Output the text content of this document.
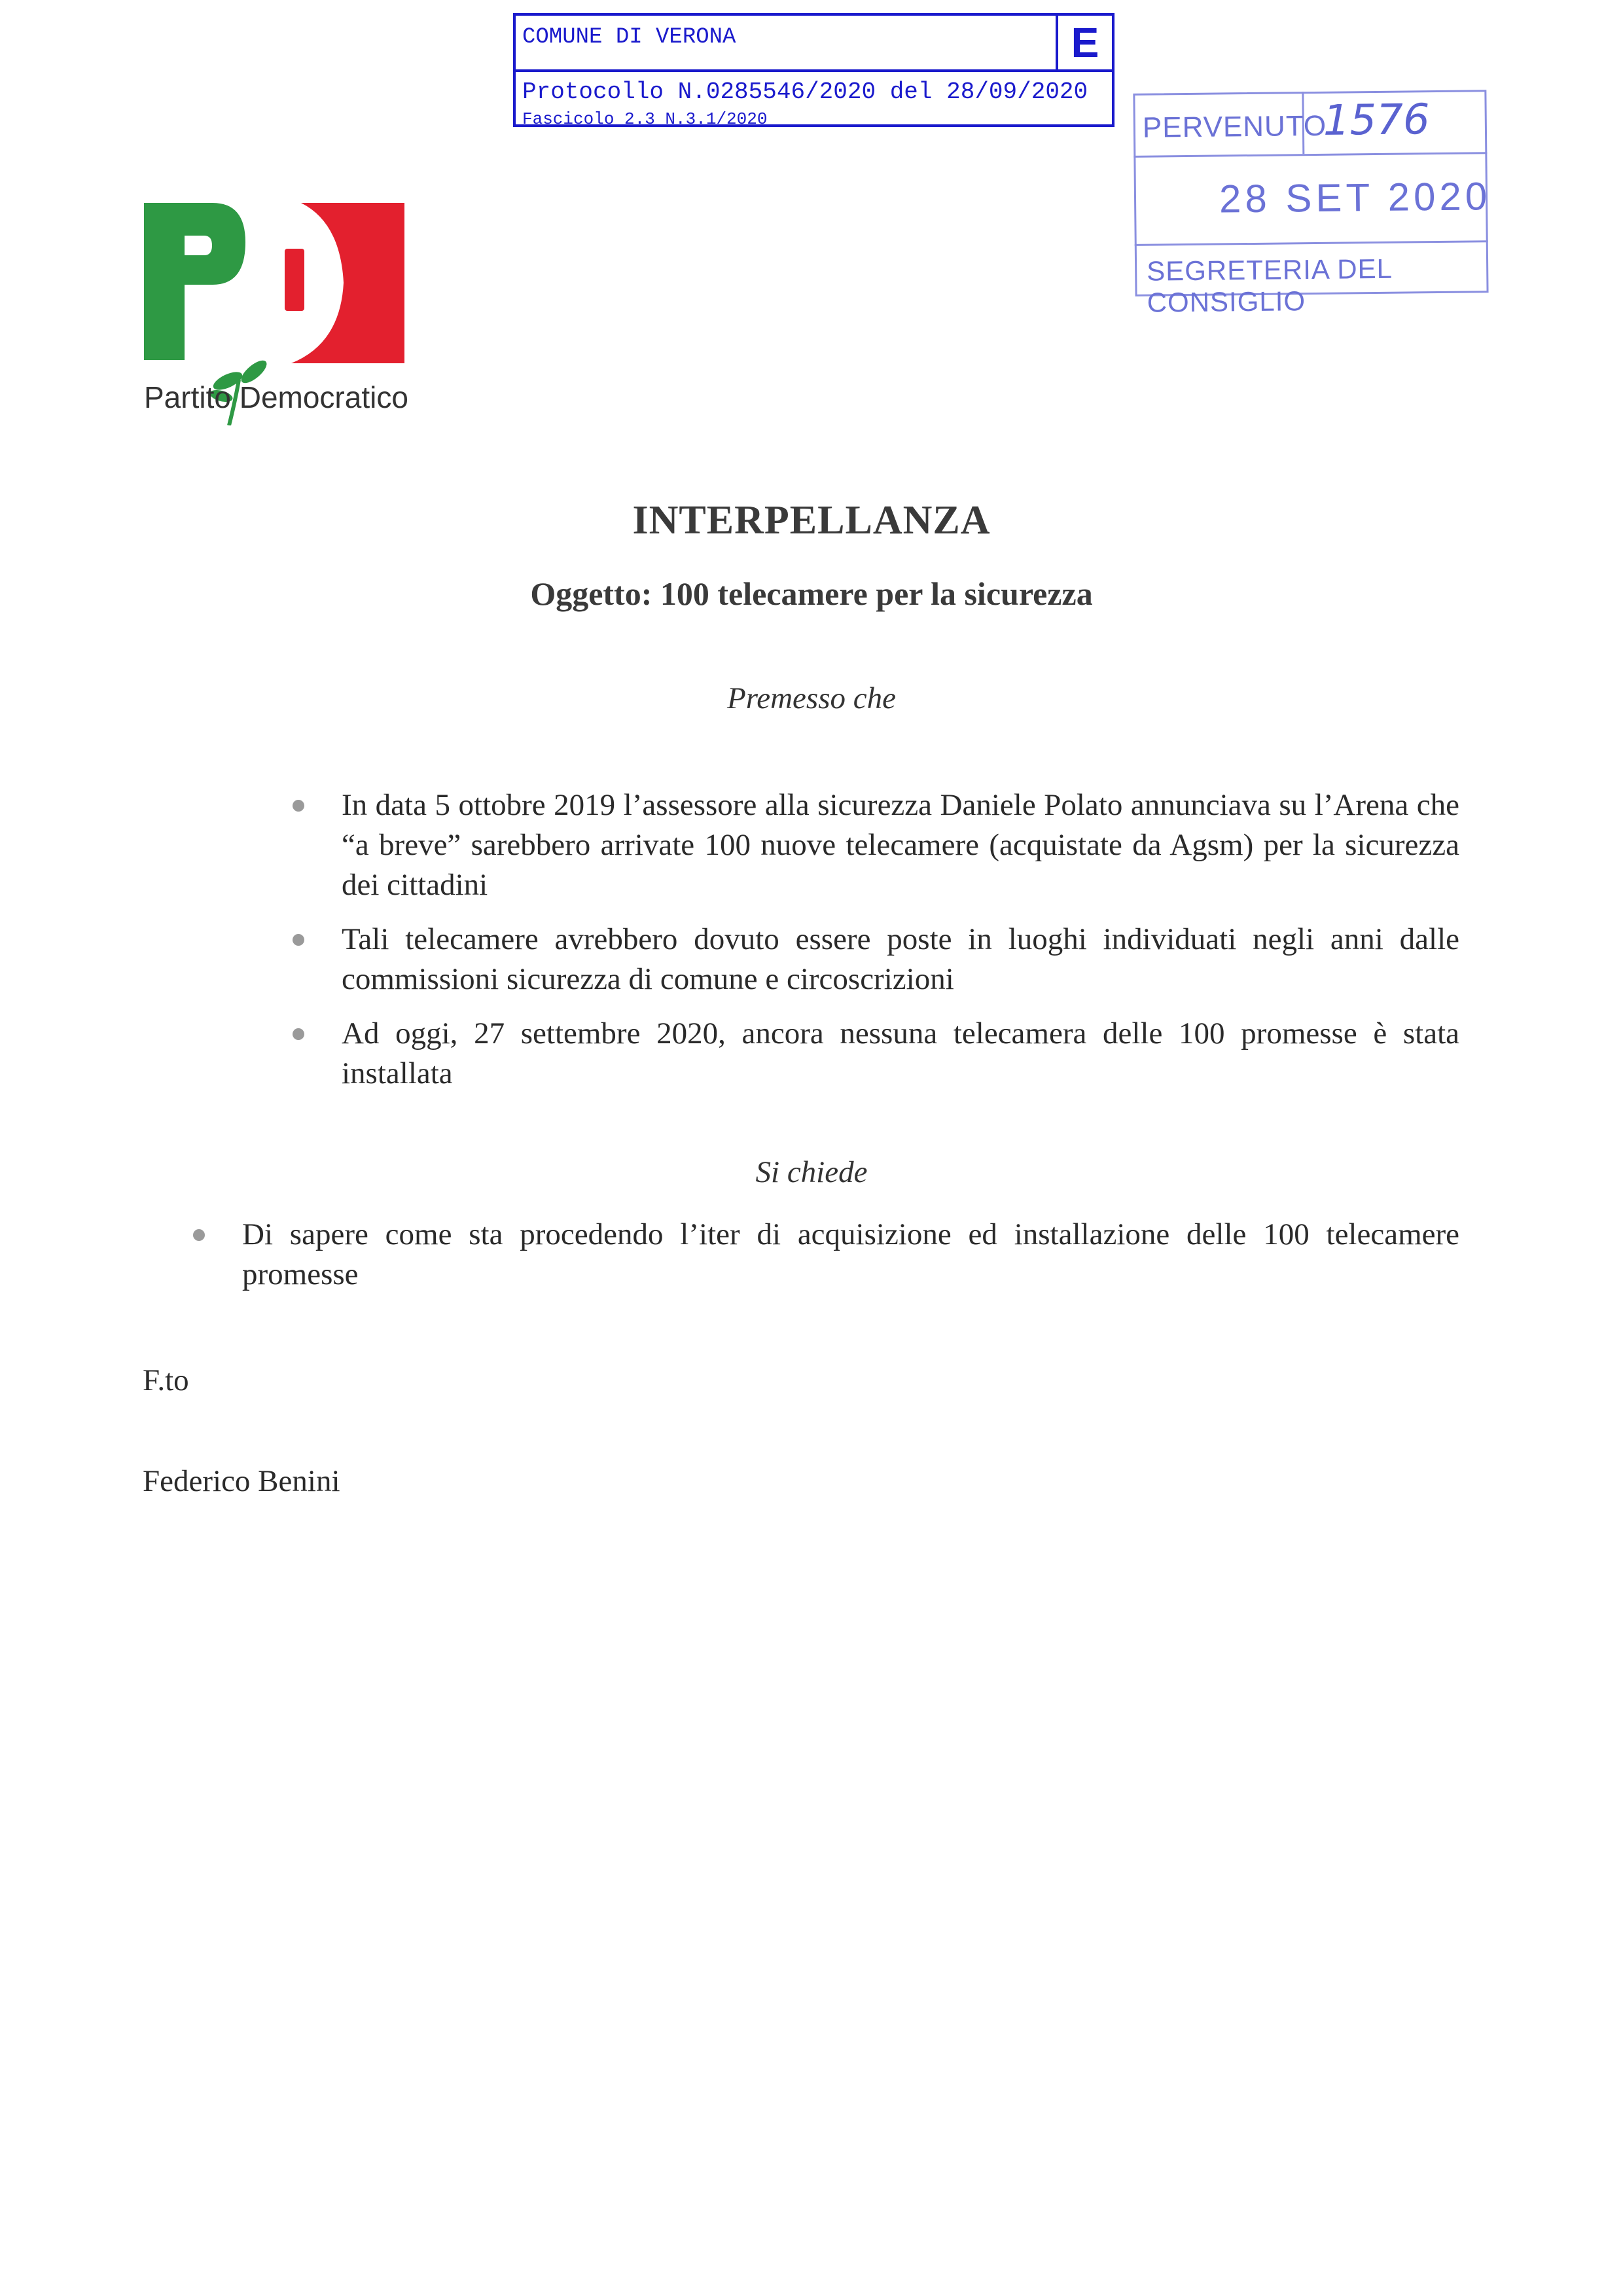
COMUNE DI VERONA	E
Protocollo N.0285546/2020 del 28/09/2020
Fascicolo 2.3 N.3.1/2020	PERVENUTO
1576
28 SET 2020
SEGRETERIA DEL CONSIGLIO
Partito Democratico
INTERPELLANZA
Oggetto: 100 telecamere per la sicurezza
Premesso che
In data 5 ottobre 2019 l’assessore alla sicurezza Daniele Polato annunciava su l’Arena che “a breve” sarebbero arrivate 100 nuove telecamere (acquistate da Agsm) per la sicurezza dei cittadini
Tali telecamere avrebbero dovuto essere poste in luoghi individuati negli anni dalle commissioni sicurezza di comune e circoscrizioni
Ad oggi, 27 settembre 2020, ancora nessuna telecamera delle 100 promesse è stata installata
Si chiede
Di sapere come sta procedendo l’iter di acquisizione ed installazione delle 100 telecamere promesse
F.to
Federico Benini
